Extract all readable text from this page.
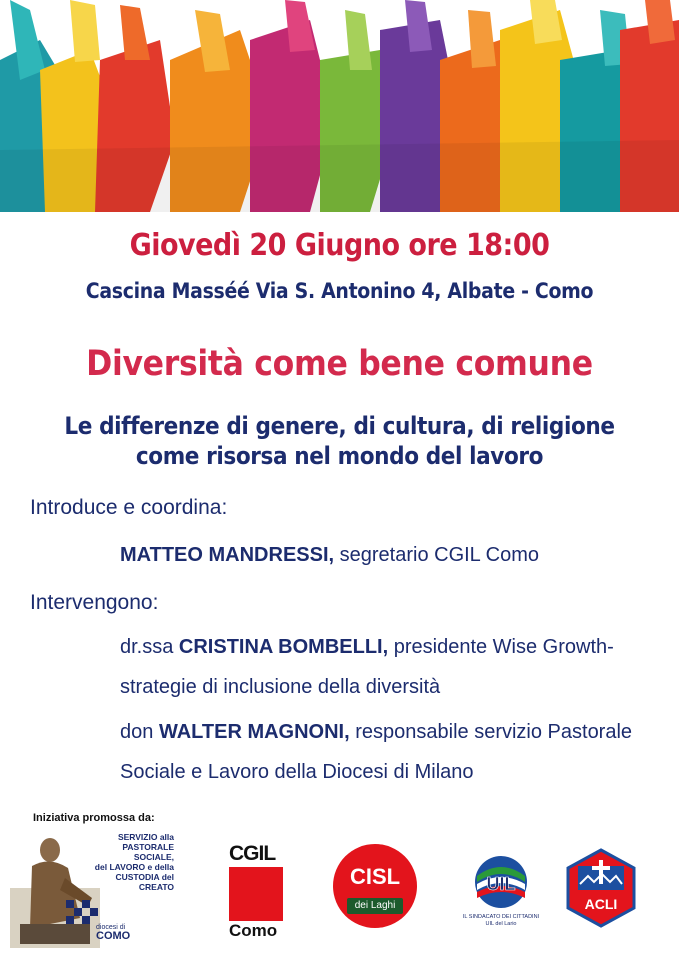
Giovedì 20 Giugno ore 18:00
Cascina Masséé Via S. Antonino 4, Albate - Como
Diversità come bene comune
Le differenze di genere, di cultura, di religione
come risorsa nel mondo del lavoro
Introduce e coordina:
MATTEO MANDRESSI, segretario CGIL Como
Intervengono:
dr.ssa CRISTINA BOMBELLI, presidente Wise Growth-
strategie di inclusione della diversità
don WALTER MAGNONI, responsabile servizio Pastorale
Sociale e Lavoro della Diocesi di Milano
Iniziativa promossa da:
SERVIZIO alla
PASTORALE SOCIALE,
del LAVORO e della
CUSTODIA del CREATO
diocesi di
COMO
CGIL
Como
CISL
dei Laghi
UIL
IL SINDACATO DEI CITTADINI
UIL del Lario
ACLI
